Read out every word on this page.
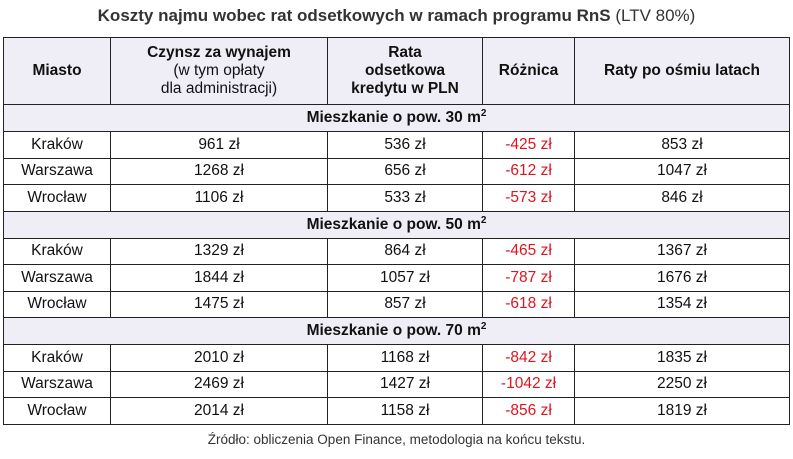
Koszty najmu wobec rat odsetkowych w ramach programu RnS (LTV 80%)
Miasto	Czynsz za wynajem
(w tym opłaty
dla administracji)	Rata
odsetkowa
kredytu w PLN	Różnica	Raty po ośmiu latach
Mieszkanie o pow. 30 $m^2$
Kraków	961 zł	536 zł	-425 zł	853 zł
Warszawa	1268 zł	656 zł	-612 zł	1047 zł
Wrocław	1106 zł	533 zł	-573 zł	846 zł
Mieszkanie o pow. 50 $m^2$
Kraków	1329 zł	864 zł	-465 zł	1367 zł
Warszawa	1844 zł	1057 zł	-787 zł	1676 zł
Wrocław	1475 zł	857 zł	-618 zł	1354 zł
Mieszkanie o pow. 70 $m^2$
Kraków	2010 zł	1168 zł	-842 zł	1835 zł
Warszawa	2469 zł	1427 zł	-1042 zł	2250 zł
Wrocław	2014 zł	1158 zł	-856 zł	1819 zł
Źródło: obliczenia Open Finance, metodologia na końcu tekstu.
